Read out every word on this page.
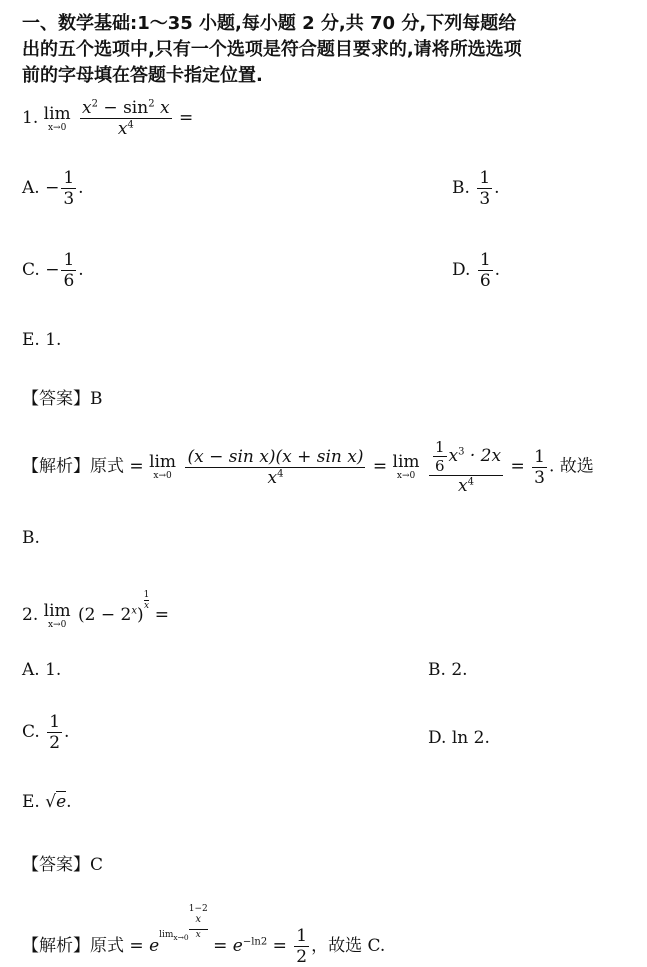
一、数学基础:1～35 小题,每小题 2 分,共 70 分,下列每题给
出的五个选项中,只有一个选项是符合题目要求的,请将所选选项
前的字母填在答题卡指定位置.
1. lim
x→0
$\frac{x^2 - \sin^2 x}{x^4}$ =
A. − $\frac{1}{3}$ .	B. $\frac{1}{3}$ .
C. − $\frac{1}{6}$ .	D. $\frac{1}{6}$ .
E. 1.
【答案】B
【解析】原式 = lim
x→0
$\frac{\text{(x − sin x)(x + sin x)}}{x^4} = \lim$
x→0
$\frac{\frac{1}{6} x^3 \cdot 2x}{x^4} = \frac{1}{3}$ . 故选
B.
2. lim
x→0 $(2 - 2^x)$
$\frac{1}{x}$
=
A. 1.	B. 2.
C. $\frac{1}{2}$ .	D. ln 2.
E. √e.
【答案】C
【解析】原式 = elim$_{x\to 0}$ 1−2
$^x$
x
= $e^{-ln2} = \frac{1}{2}$ ，故选 C.
